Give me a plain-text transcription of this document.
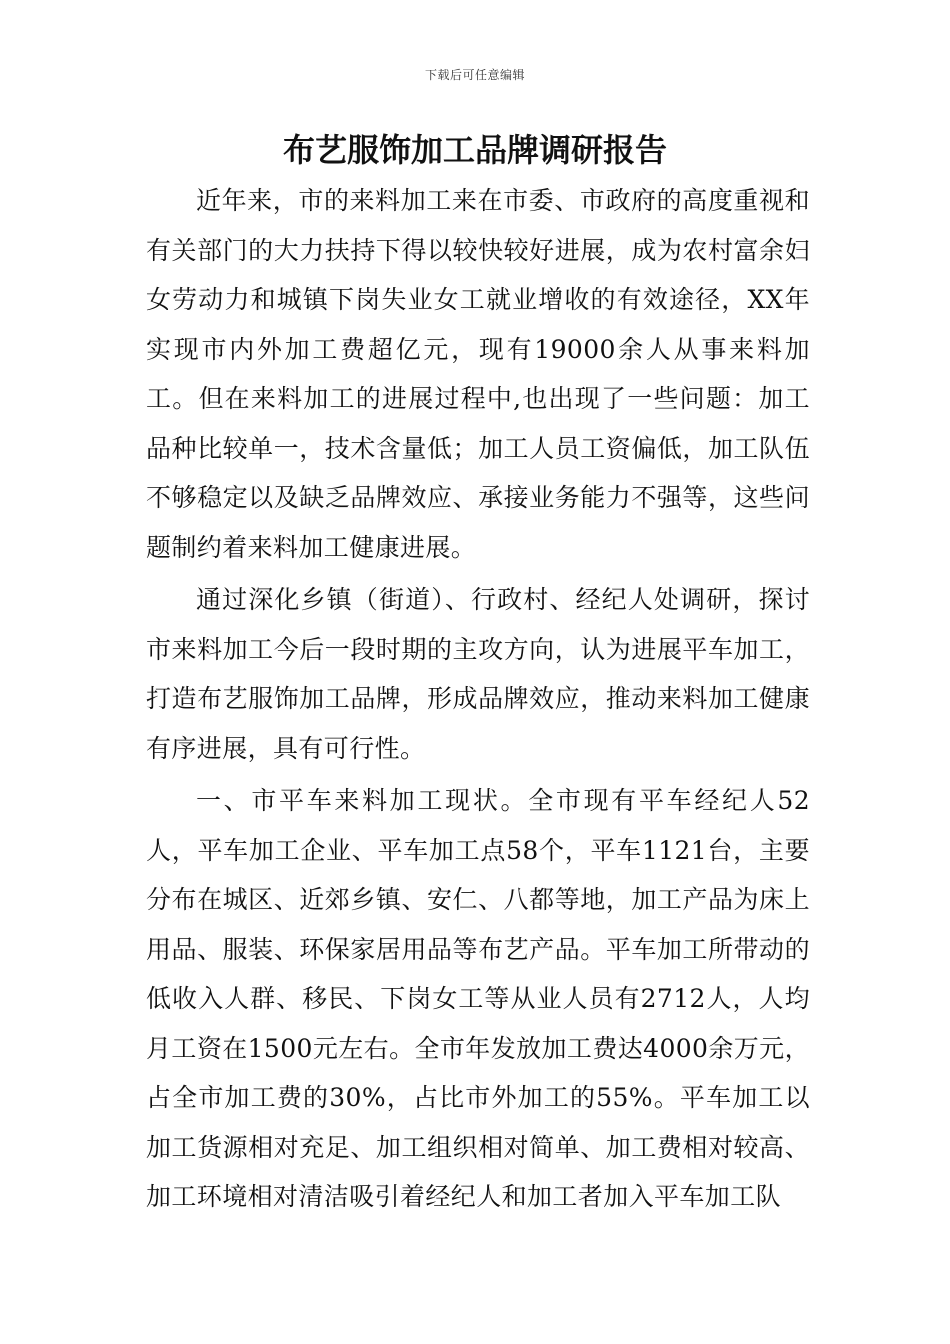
下载后可任意编辑
布艺服饰加工品牌调研报告

近年来，市的来料加工来在市委、市政府的高度重视和有关部门的大力扶持下得以较快较好进展，成为农村富余妇女劳动力和城镇下岗失业女工就业增收的有效途径，XX年实现市内外加工费超亿元，现有19000余人从事来料加工。但在来料加工的进展过程中,也出现了一些问题：加工品种比较单一，技术含量低；加工人员工资偏低，加工队伍不够稳定以及缺乏品牌效应、承接业务能力不强等，这些问题制约着来料加工健康进展。

通过深化乡镇（街道）、行政村、经纪人处调研，探讨市来料加工今后一段时期的主攻方向，认为进展平车加工，打造布艺服饰加工品牌，形成品牌效应，推动来料加工健康有序进展，具有可行性。

一、市平车来料加工现状。全市现有平车经纪人52人，平车加工企业、平车加工点58个，平车1121台，主要分布在城区、近郊乡镇、安仁、八都等地，加工产品为床上用品、服装、环保家居用品等布艺产品。平车加工所带动的低收入人群、移民、下岗女工等从业人员有2712人，人均月工资在1500元左右。全市年发放加工费达4000余万元，占全市加工费的30%，占比市外加工的55%。平车加工以加工货源相对充足、加工组织相对简单、加工费相对较高、加工环境相对清洁吸引着经纪人和加工者加入平车加工队
